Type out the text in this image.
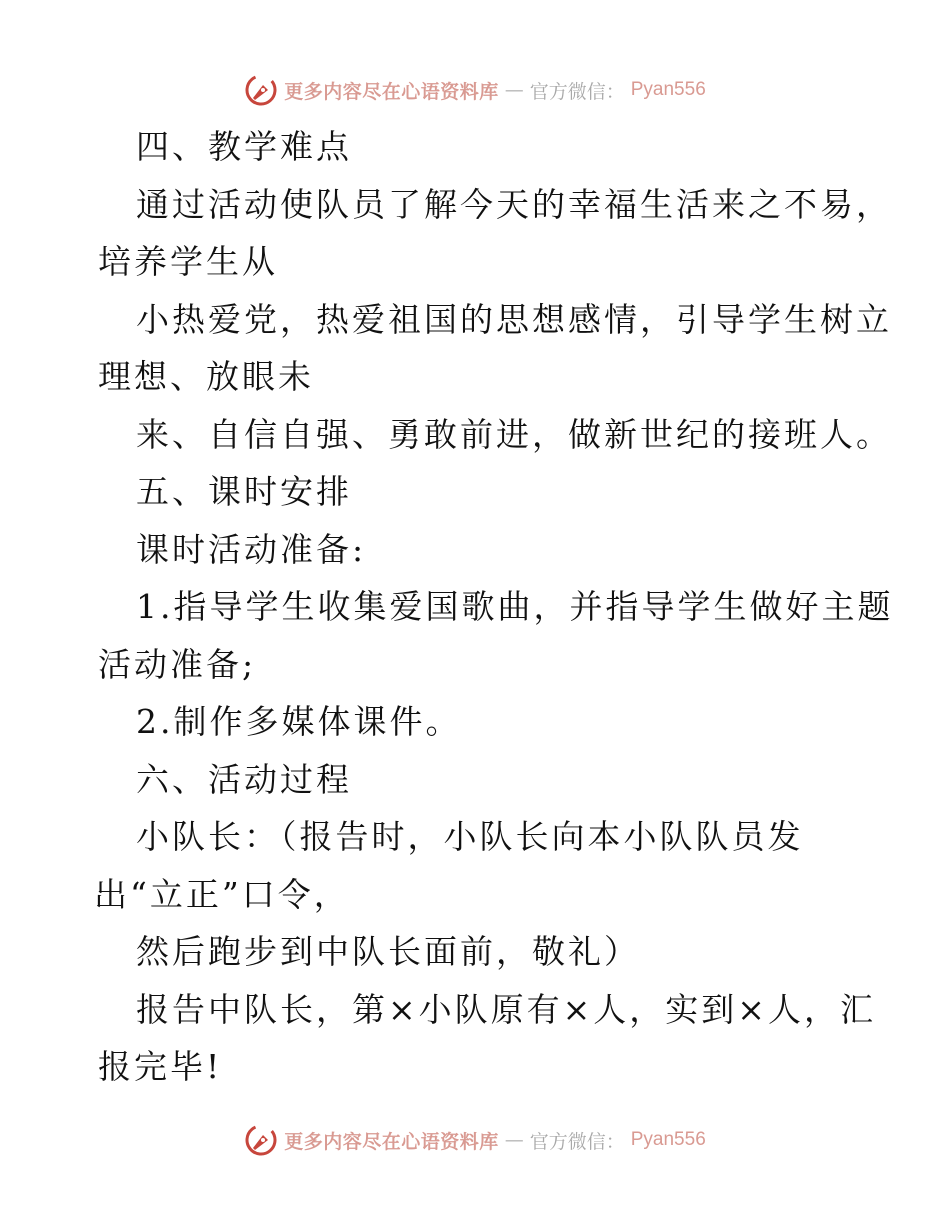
更多内容尽在心语资料库 — 官方微信： Pyan556
四、教学难点
通过活动使队员了解今天的幸福生活来之不易，
培养学生从
小热爱党，热爱祖国的思想感情，引导学生树立
理想、放眼未
来、自信自强、勇敢前进，做新世纪的接班人。
五、课时安排
课时活动准备:
1.指导学生收集爱国歌曲，并指导学生做好主题
活动准备;
2.制作多媒体课件。
六、活动过程
小队长：（报告时，小队长向本小队队员发
出“立正”口令，
然后跑步到中队长面前，敬礼）
报告中队长，第×小队原有×人，实到×人，汇
报完毕!
更多内容尽在心语资料库 — 官方微信： Pyan556
